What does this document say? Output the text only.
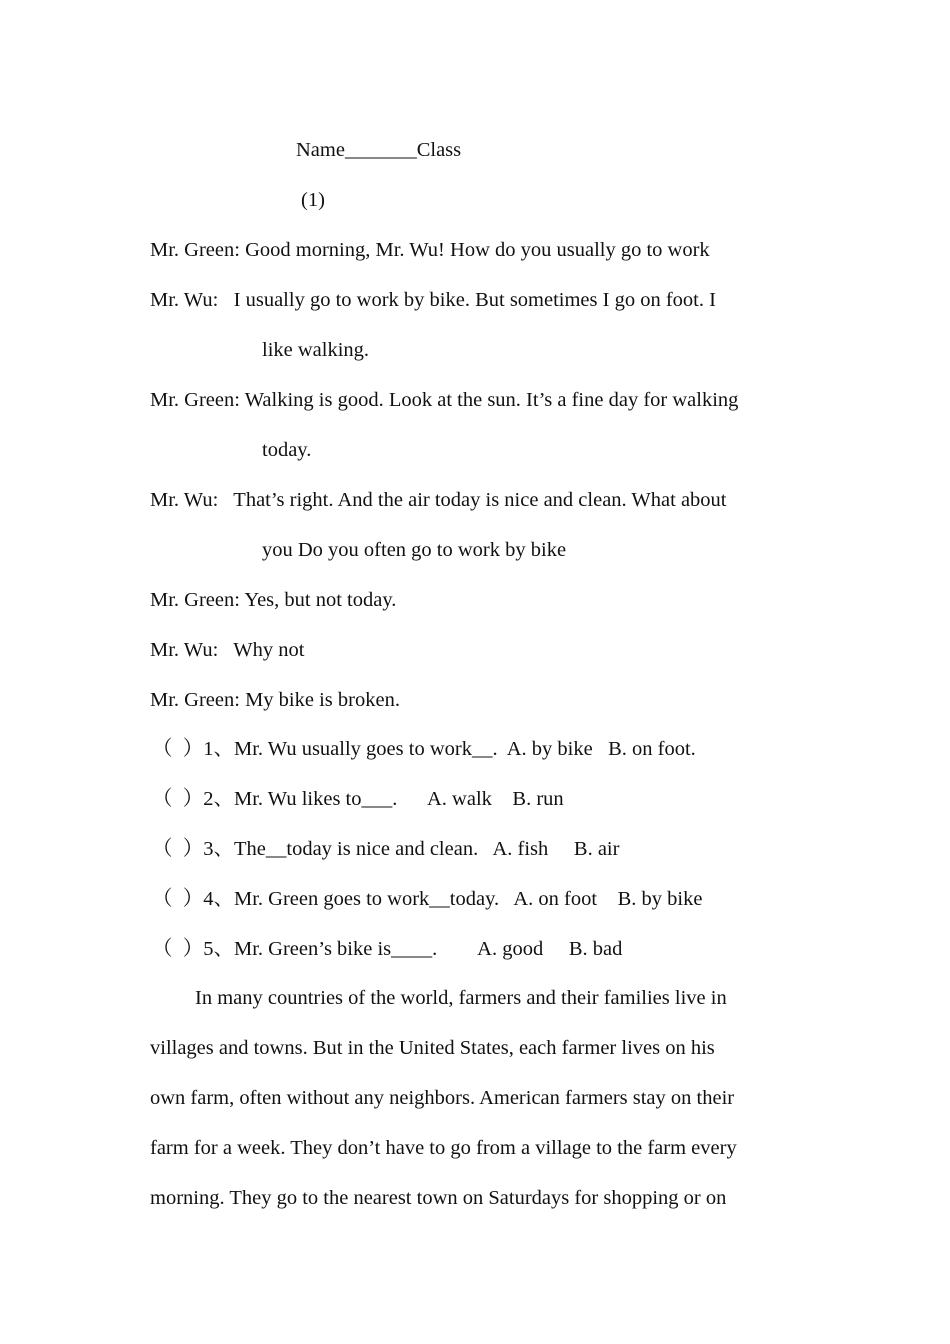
Name_______Class
(1)
Mr. Green: Good morning, Mr. Wu! How do you usually go to work
Mr. Wu: I usually go to work by bike. But sometimes I go on foot. I
like walking.
Mr. Green: Walking is good. Look at the sun. It’s a fine day for walking
today.
Mr. Wu: That’s right. And the air today is nice and clean. What about
you Do you often go to work by bike
Mr. Green: Yes, but not today.
Mr. Wu: Why not
Mr. Green: My bike is broken.
（  ）1、Mr. Wu usually goes to work__. A. by bike B. on foot.
（  ）2、Mr. Wu likes to___. A. walk B. run
（  ）3、The__today is nice and clean. A. fish B. air
（  ）4、Mr. Green goes to work__today. A. on foot B. by bike
（  ）5、Mr. Green’s bike is____. A. good B. bad
In many countries of the world, farmers and their families live in
villages and towns. But in the United States, each farmer lives on his
own farm, often without any neighbors. American farmers stay on their
farm for a week. They don’t have to go from a village to the farm every
morning. They go to the nearest town on Saturdays for shopping or on
